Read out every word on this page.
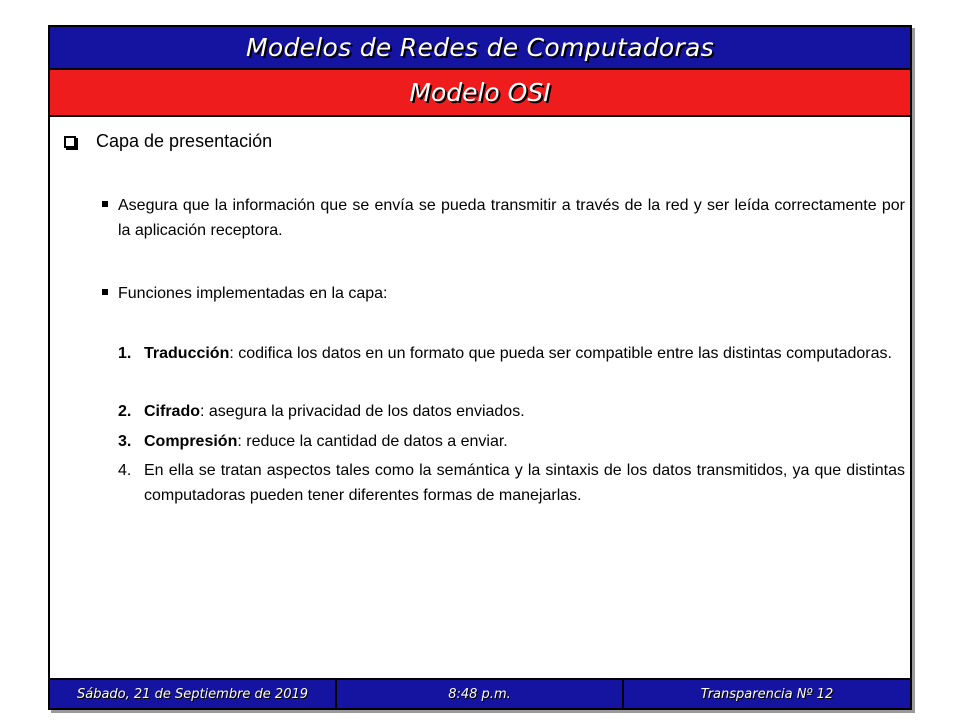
Modelos de Redes de Computadoras
Modelo OSI
Capa de presentación
Asegura que la información que se envía se pueda transmitir a través de la red y ser leída correctamente por la aplicación receptora.
Funciones implementadas en la capa:
1. Traducción: codifica los datos en un formato que pueda ser compatible entre las distintas computadoras.
2. Cifrado: asegura la privacidad de los datos enviados.
3. Compresión: reduce la cantidad de datos a enviar.
4. En ella se tratan aspectos tales como la semántica y la sintaxis de los datos transmitidos, ya que distintas computadoras pueden tener diferentes formas de manejarlas.
Sábado, 21 de Septiembre de 2019	8:48 p.m.	Transparencia Nº 12
